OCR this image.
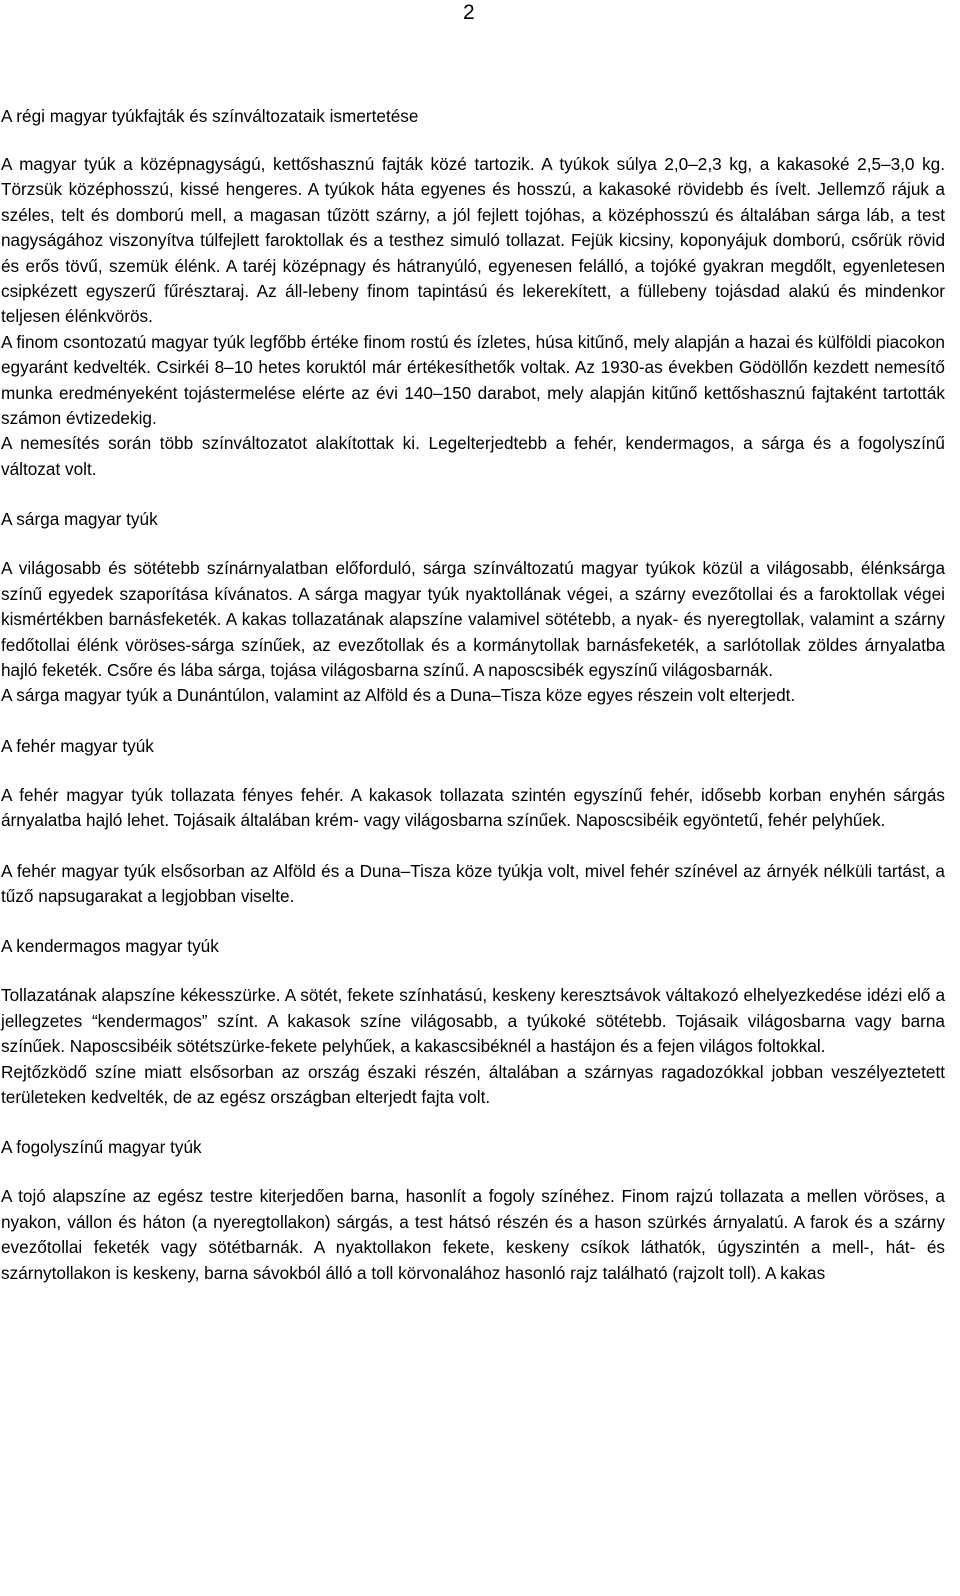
2

A régi magyar tyúkfajták és színváltozataik ismertetése

A magyar tyúk a középnagyságú, kettőshasznú fajták közé tartozik. A tyúkok súlya 2,0–2,3 kg, a kakasoké 2,5–3,0 kg. Törzsük középhosszú, kissé hengeres. A tyúkok háta egyenes és hosszú, a kakasoké rövidebb és ívelt. Jellemző rájuk a széles, telt és domború mell, a magasan tűzött szárny, a jól fejlett tojóhas, a középhosszú és általában sárga láb, a test nagyságához viszonyítva túlfejlett faroktollak és a testhez simuló tollazat. Fejük kicsiny, koponyájuk domború, csőrük rövid és erős tövű, szemük élénk. A taréj középnagy és hátranyúló, egyenesen felálló, a tojóké gyakran megdőlt, egyenletesen csipkézett egyszerű fűrésztaraj. Az áll-lebeny finom tapintású és lekerekített, a füllebeny tojásdad alakú és mindenkor teljesen élénkvörös.

A finom csontozatú magyar tyúk legfőbb értéke finom rostú és ízletes, húsa kitűnő, mely alapján a hazai és külföldi piacokon egyaránt kedvelték. Csirkéi 8–10 hetes koruktól már értékesíthetők voltak. Az 1930-as években Gödöllőn kezdett nemesítő munka eredményeként tojástermelése elérte az évi 140–150 darabot, mely alapján kitűnő kettőshasznú fajtaként tartották számon évtizedekig.

A nemesítés során több színváltozatot alakítottak ki. Legelterjedtebb a fehér, kendermagos, a sárga és a fogolyszínű változat volt.

A sárga magyar tyúk

A világosabb és sötétebb színárnyalatban előforduló, sárga színváltozatú magyar tyúkok közül a világosabb, élénksárga színű egyedek szaporítása kívánatos. A sárga magyar tyúk nyaktollának végei, a szárny evezőtollai és a faroktollak végei kismértékben barnásfeketék. A kakas tollazatának alapszíne valamivel sötétebb, a nyak- és nyeregtollak, valamint a szárny fedőtollai élénk vöröses-sárga színűek, az evezőtollak és a kormánytollak barnásfeketék, a sarlótollak zöldes árnyalatba hajló feketék. Csőre és lába sárga, tojása világosbarna színű. A naposcsibék egyszínű világosbarnák.

A sárga magyar tyúk a Dunántúlon, valamint az Alföld és a Duna–Tisza köze egyes részein volt elterjedt.

A fehér magyar tyúk

A fehér magyar tyúk tollazata fényes fehér. A kakasok tollazata szintén egyszínű fehér, idősebb korban enyhén sárgás árnyalatba hajló lehet. Tojásaik általában krém- vagy világosbarna színűek. Naposcsibéik egyöntetű, fehér pelyhűek.

A fehér magyar tyúk elsősorban az Alföld és a Duna–Tisza köze tyúkja volt, mivel fehér színével az árnyék nélküli tartást, a tűző napsugarakat a legjobban viselte.

A kendermagos magyar tyúk

Tollazatának alapszíne kékesszürke. A sötét, fekete színhatású, keskeny keresztsávok váltakozó elhelyezkedése idézi elő a jellegzetes “kendermagos” színt. A kakasok színe világosabb, a tyúkoké sötétebb. Tojásaik világosbarna vagy barna színűek. Naposcsibéik sötétszürke-fekete pelyhűek, a kakascsibéknél a hastájon és a fejen világos foltokkal.

Rejtőzködő színe miatt elsősorban az ország északi részén, általában a szárnyas ragadozókkal jobban veszélyeztetett területeken kedvelték, de az egész országban elterjedt fajta volt.

A fogolyszínű magyar tyúk

A tojó alapszíne az egész testre kiterjedően barna, hasonlít a fogoly színéhez. Finom rajzú tollazata a mellen vöröses, a nyakon, vállon és háton (a nyeregtollakon) sárgás, a test hátsó részén és a hason szürkés árnyalatú. A farok és a szárny evezőtollai feketék vagy sötétbarnák. A nyaktollakon fekete, keskeny csíkok láthatók, úgyszintén a mell-, hát- és szárnytollakon is keskeny, barna sávokból álló a toll körvonalához hasonló rajz található (rajzolt toll). A kakas
